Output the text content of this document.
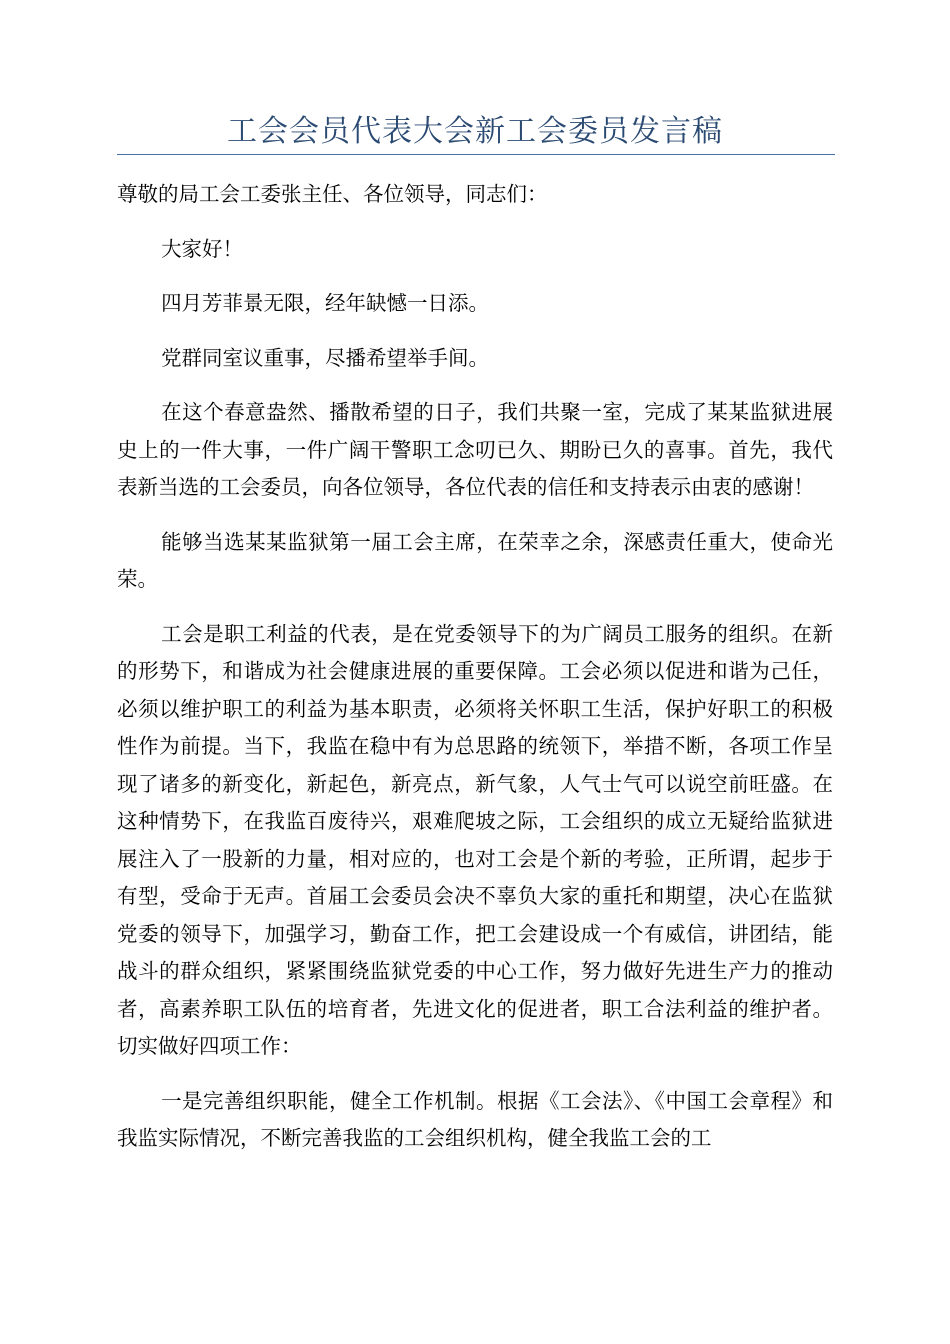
工会会员代表大会新工会委员发言稿

尊敬的局工会工委张主任、各位领导，同志们：

大家好！

四月芳菲景无限，经年缺憾一日添。

党群同室议重事，尽播希望举手间。

在这个春意盎然、播散希望的日子，我们共聚一室，完成了某某监狱进展史上的一件大事，一件广阔干警职工念叨已久、期盼已久的喜事。首先，我代表新当选的工会委员，向各位领导，各位代表的信任和支持表示由衷的感谢！

能够当选某某监狱第一届工会主席，在荣幸之余，深感责任重大，使命光荣。

工会是职工利益的代表，是在党委领导下的为广阔员工服务的组织。在新的形势下，和谐成为社会健康进展的重要保障。工会必须以促进和谐为己任，必须以维护职工的利益为基本职责，必须将关怀职工生活，保护好职工的积极性作为前提。当下，我监在稳中有为总思路的统领下，举措不断，各项工作呈现了诸多的新变化，新起色，新亮点，新气象，人气士气可以说空前旺盛。在这种情势下，在我监百废待兴，艰难爬坡之际，工会组织的成立无疑给监狱进展注入了一股新的力量，相对应的，也对工会是个新的考验，正所谓，起步于有型，受命于无声。首届工会委员会决不辜负大家的重托和期望，决心在监狱党委的领导下，加强学习，勤奋工作，把工会建设成一个有威信，讲团结，能战斗的群众组织，紧紧围绕监狱党委的中心工作，努力做好先进生产力的推动者，高素养职工队伍的培育者，先进文化的促进者，职工合法利益的维护者。切实做好四项工作：

一是完善组织职能，健全工作机制。根据《工会法》、《中国工会章程》和我监实际情况，不断完善我监的工会组织机构，健全我监工会的工
